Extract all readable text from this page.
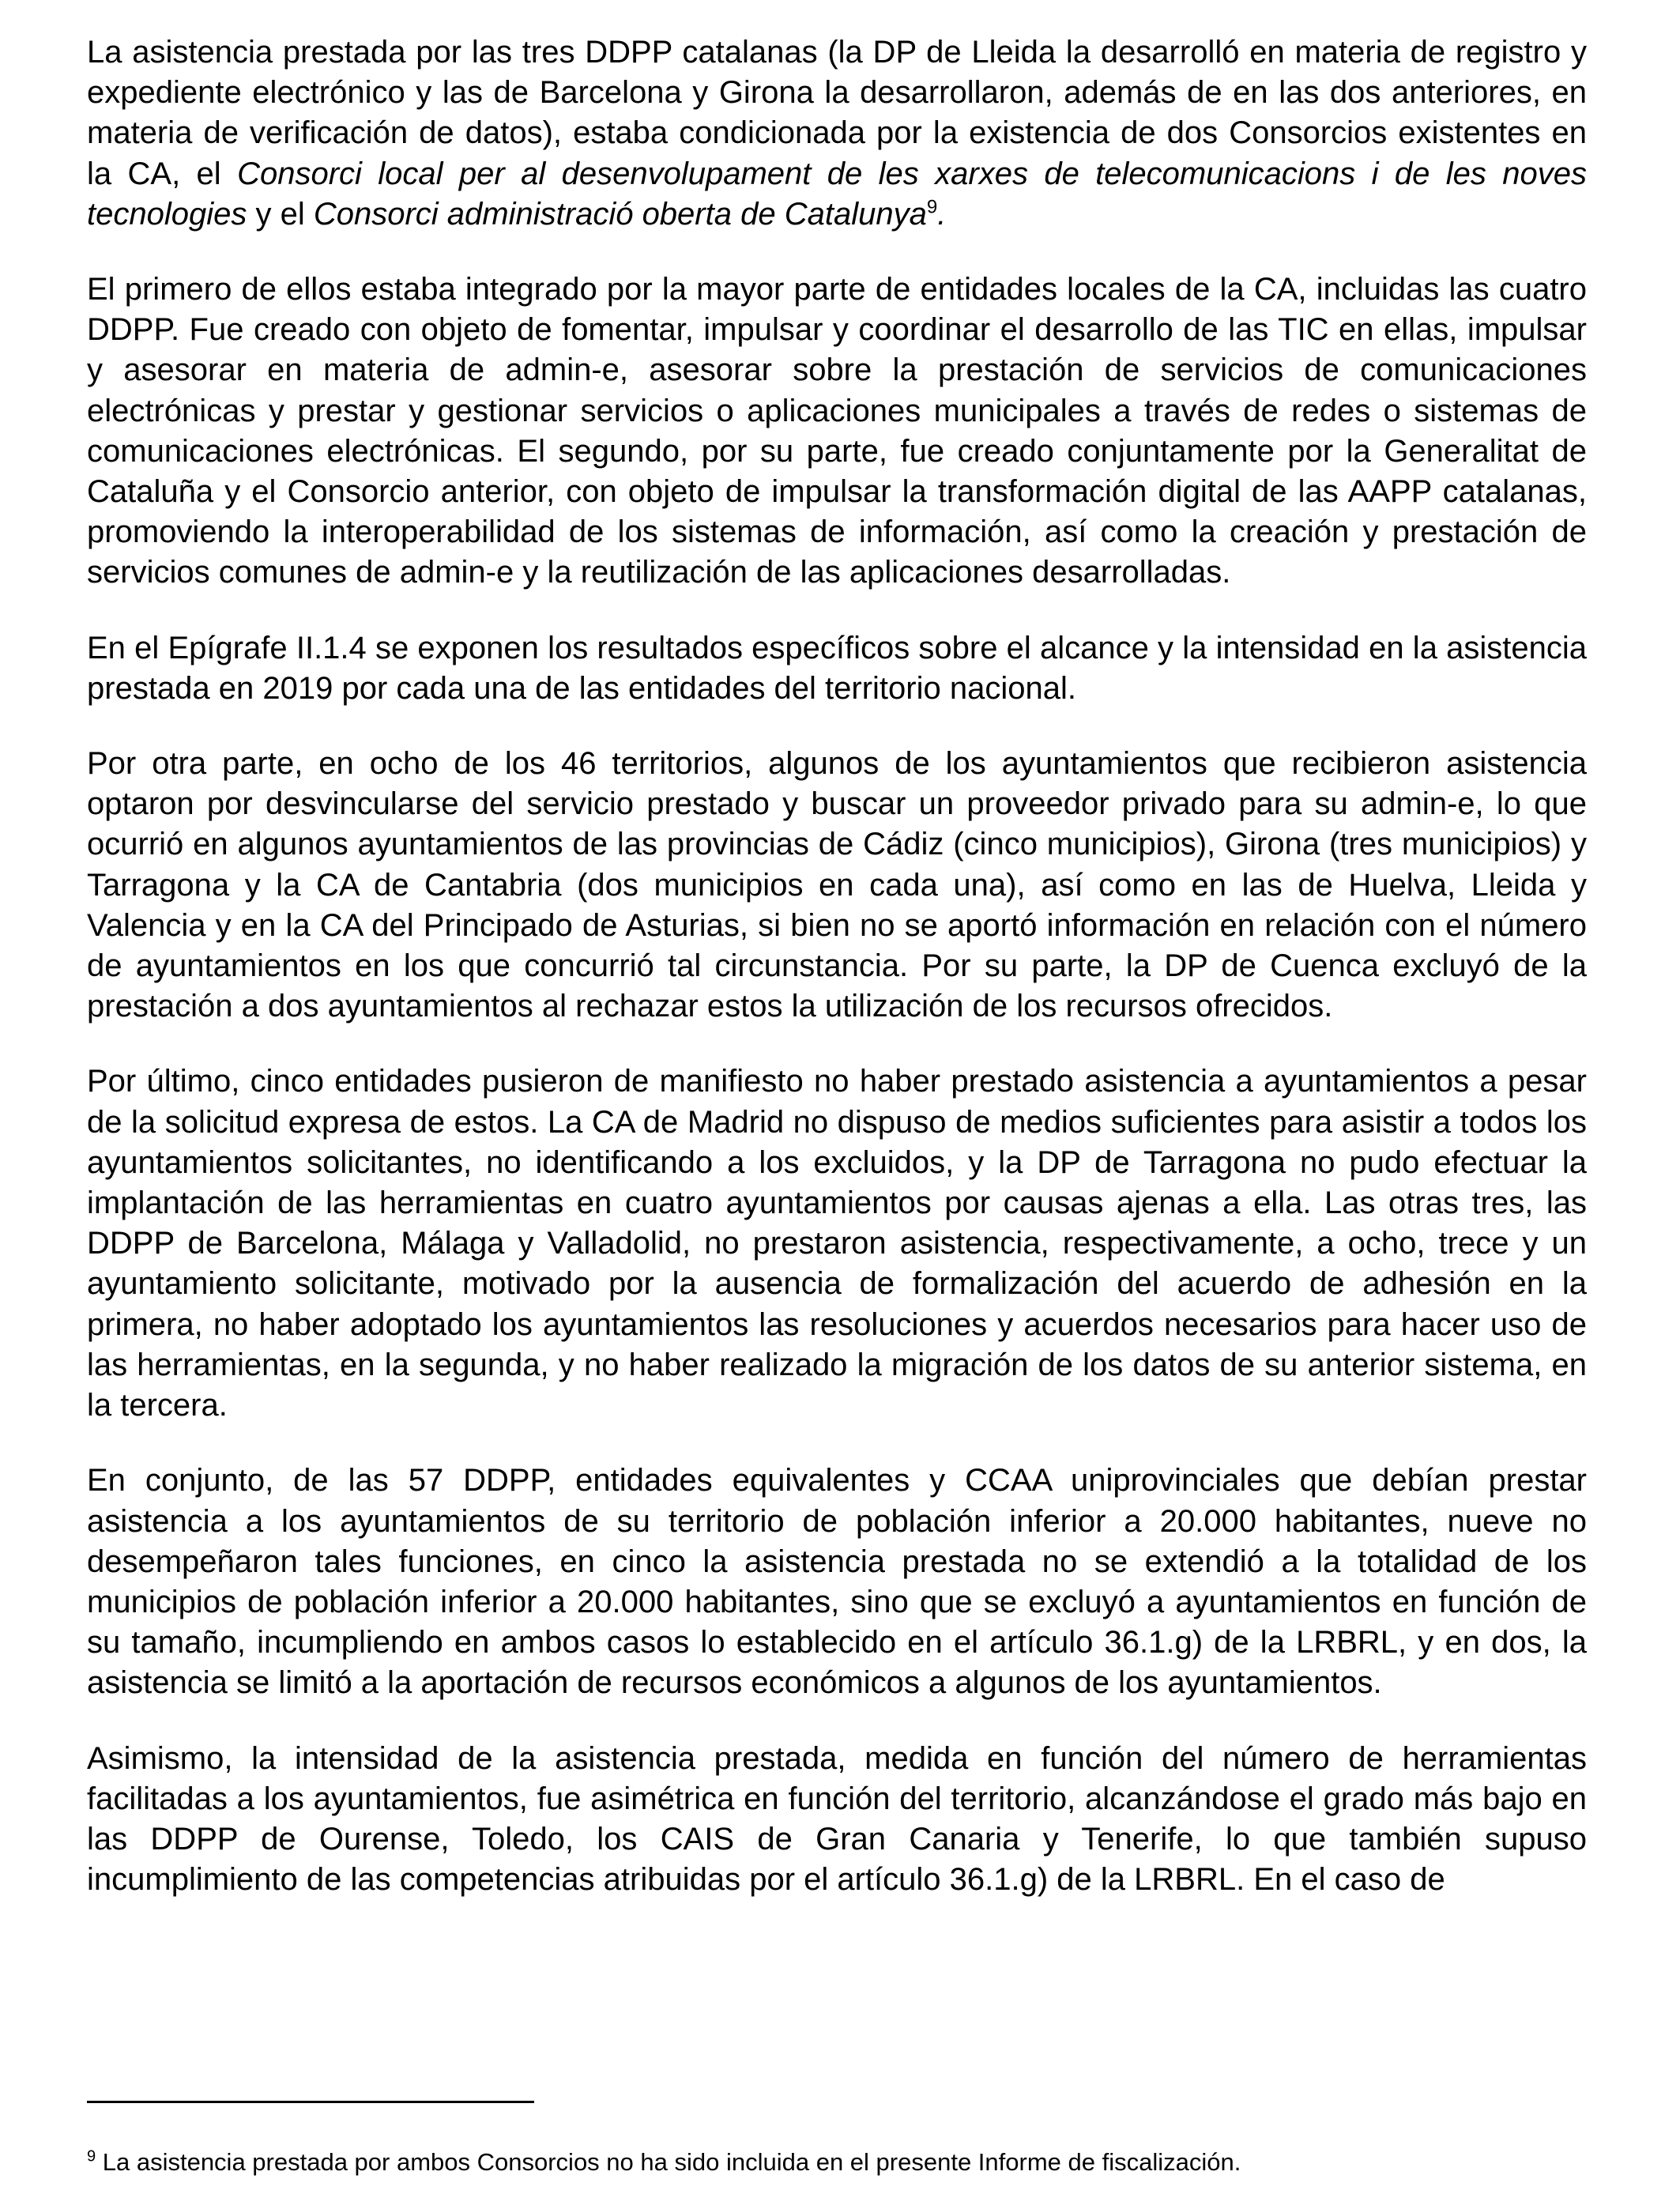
La asistencia prestada por las tres DDPP catalanas (la DP de Lleida la desarrolló en materia de registro y expediente electrónico y las de Barcelona y Girona la desarrollaron, además de en las dos anteriores, en materia de verificación de datos), estaba condicionada por la existencia de dos Consorcios existentes en la CA, el Consorci local per al desenvolupament de les xarxes de telecomunicacions i de les noves tecnologies y el Consorci administració oberta de Catalunya$^9$.

El primero de ellos estaba integrado por la mayor parte de entidades locales de la CA, incluidas las cuatro DDPP. Fue creado con objeto de fomentar, impulsar y coordinar el desarrollo de las TIC en ellas, impulsar y asesorar en materia de admin-e, asesorar sobre la prestación de servicios de comunicaciones electrónicas y prestar y gestionar servicios o aplicaciones municipales a través de redes o sistemas de comunicaciones electrónicas. El segundo, por su parte, fue creado conjuntamente por la Generalitat de Cataluña y el Consorcio anterior, con objeto de impulsar la transformación digital de las AAPP catalanas, promoviendo la interoperabilidad de los sistemas de información, así como la creación y prestación de servicios comunes de admin-e y la reutilización de las aplicaciones desarrolladas.

En el Epígrafe II.1.4 se exponen los resultados específicos sobre el alcance y la intensidad en la asistencia prestada en 2019 por cada una de las entidades del territorio nacional.

Por otra parte, en ocho de los 46 territorios, algunos de los ayuntamientos que recibieron asistencia optaron por desvincularse del servicio prestado y buscar un proveedor privado para su admin-e, lo que ocurrió en algunos ayuntamientos de las provincias de Cádiz (cinco municipios), Girona (tres municipios) y Tarragona y la CA de Cantabria (dos municipios en cada una), así como en las de Huelva, Lleida y Valencia y en la CA del Principado de Asturias, si bien no se aportó información en relación con el número de ayuntamientos en los que concurrió tal circunstancia. Por su parte, la DP de Cuenca excluyó de la prestación a dos ayuntamientos al rechazar estos la utilización de los recursos ofrecidos.

Por último, cinco entidades pusieron de manifiesto no haber prestado asistencia a ayuntamientos a pesar de la solicitud expresa de estos. La CA de Madrid no dispuso de medios suficientes para asistir a todos los ayuntamientos solicitantes, no identificando a los excluidos, y la DP de Tarragona no pudo efectuar la implantación de las herramientas en cuatro ayuntamientos por causas ajenas a ella. Las otras tres, las DDPP de Barcelona, Málaga y Valladolid, no prestaron asistencia, respectivamente, a ocho, trece y un ayuntamiento solicitante, motivado por la ausencia de formalización del acuerdo de adhesión en la primera, no haber adoptado los ayuntamientos las resoluciones y acuerdos necesarios para hacer uso de las herramientas, en la segunda, y no haber realizado la migración de los datos de su anterior sistema, en la tercera.

En conjunto, de las 57 DDPP, entidades equivalentes y CCAA uniprovinciales que debían prestar asistencia a los ayuntamientos de su territorio de población inferior a 20.000 habitantes, nueve no desempeñaron tales funciones, en cinco la asistencia prestada no se extendió a la totalidad de los municipios de población inferior a 20.000 habitantes, sino que se excluyó a ayuntamientos en función de su tamaño, incumpliendo en ambos casos lo establecido en el artículo 36.1.g) de la LRBRL, y en dos, la asistencia se limitó a la aportación de recursos económicos a algunos de los ayuntamientos.

Asimismo, la intensidad de la asistencia prestada, medida en función del número de herramientas facilitadas a los ayuntamientos, fue asimétrica en función del territorio, alcanzándose el grado más bajo en las DDPP de Ourense, Toledo, los CAIS de Gran Canaria y Tenerife, lo que también supuso incumplimiento de las competencias atribuidas por el artículo 36.1.g) de la LRBRL. En el caso de

$^9$ La asistencia prestada por ambos Consorcios no ha sido incluida en el presente Informe de fiscalización.
